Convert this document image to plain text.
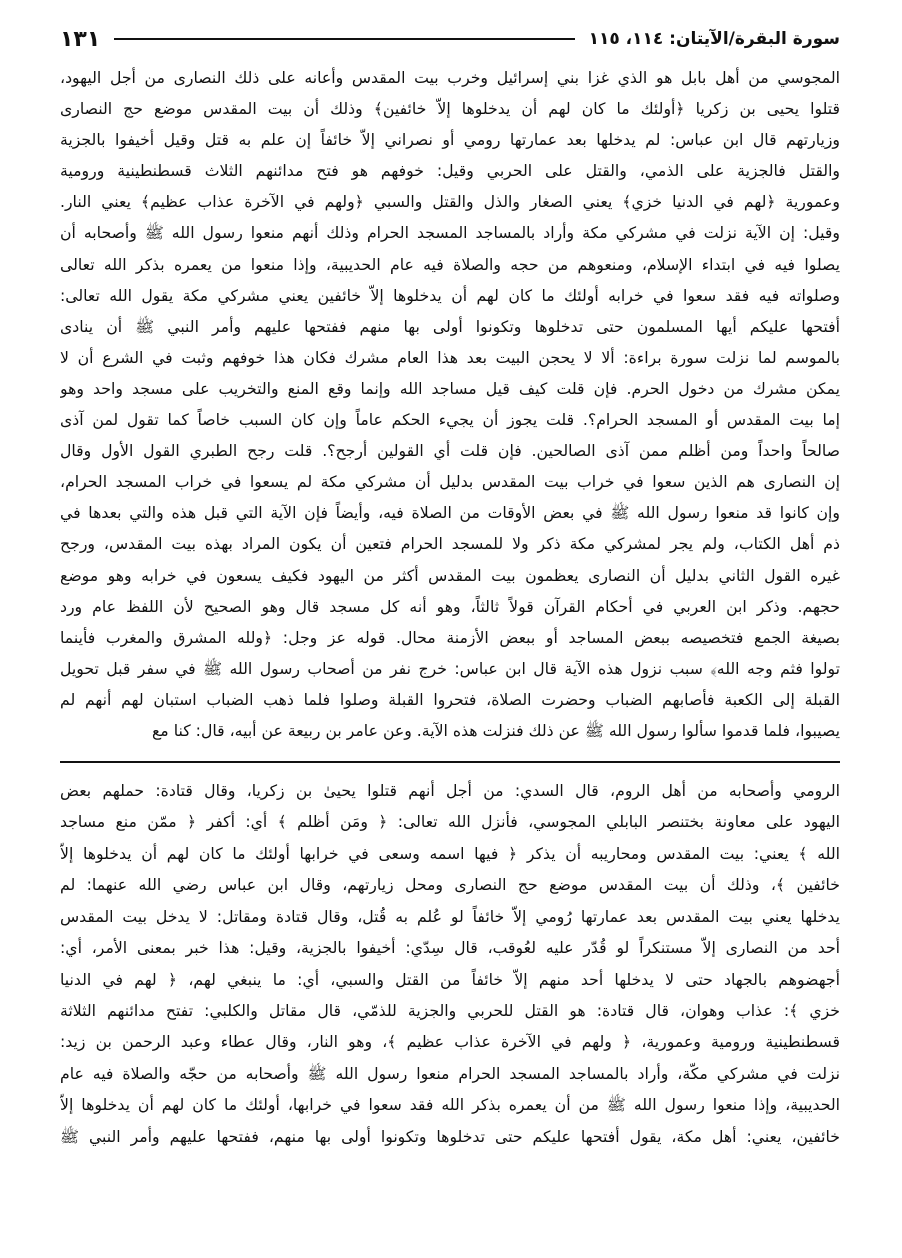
سورة البقرة/الآيتان: ١١٤، ١١٥
١٣١

المجوسي من أهل بابل هو الذي غزا بني إسرائيل وخرب بيت المقدس وأعانه على ذلك النصارى من أجل اليهود،

قتلوا يحيى بن زكريا ﴿أولئك ما كان لهم أن يدخلوها إلاّ خائفين﴾ وذلك أن بيت المقدس موضع حج النصارى

وزيارتهم قال ابن عباس: لم يدخلها بعد عمارتها رومي أو نصراني إلاّ خائفاً إن علم به قتل وقيل أخيفوا بالجزية

والقتل فالجزية على الذمي، والقتل على الحربي وقيل: خوفهم هو فتح مدائنهم الثلاث قسطنطينية ورومية

وعمورية ﴿لهم في الدنيا خزي﴾ يعني الصغار والذل والقتل والسبي ﴿ولهم في الآخرة عذاب عظيم﴾ يعني النار.

وقيل: إن الآية نزلت في مشركي مكة وأراد بالمساجد المسجد الحرام وذلك أنهم منعوا رسول الله ﷺ وأصحابه أن

يصلوا فيه في ابتداء الإسلام، ومنعوهم من حجه والصلاة فيه عام الحديبية، وإذا منعوا من يعمره بذكر الله تعالى

وصلواته فيه فقد سعوا في خرابه أولئك ما كان لهم أن يدخلوها إلاّ خائفين يعني مشركي مكة يقول الله تعالى:

أفتحها عليكم أيها المسلمون حتى تدخلوها وتكونوا أولى بها منهم ففتحها عليهم وأمر النبي ﷺ أن ينادى

بالموسم لما نزلت سورة براءة: ألا لا يحجن البيت بعد هذا العام مشرك فكان هذا خوفهم وثبت في الشرع أن لا

يمكن مشرك من دخول الحرم. فإن قلت كيف قيل مساجد الله وإنما وقع المنع والتخريب على مسجد واحد وهو

إما بيت المقدس أو المسجد الحرام؟. قلت يجوز أن يجيء الحكم عاماً وإن كان السبب خاصاً كما تقول لمن آذى

صالحاً واحداً ومن أظلم ممن آذى الصالحين. فإن قلت أي القولين أرجح؟. قلت رجح الطبري القول الأول وقال

إن النصارى هم الذين سعوا في خراب بيت المقدس بدليل أن مشركي مكة لم يسعوا في خراب المسجد الحرام،

وإن كانوا قد منعوا رسول الله ﷺ في بعض الأوقات من الصلاة فيه، وأيضاً فإن الآية التي قبل هذه والتي بعدها في

ذم أهل الكتاب، ولم يجر لمشركي مكة ذكر ولا للمسجد الحرام فتعين أن يكون المراد بهذه بيت المقدس، ورجح

غيره القول الثاني بدليل أن النصارى يعظمون بيت المقدس أكثر من اليهود فكيف يسعون في خرابه وهو موضع

حجهم. وذكر ابن العربي في أحكام القرآن قولاً ثالثاً، وهو أنه كل مسجد قال وهو الصحيح لأن اللفظ عام ورد

بصيغة الجمع فتخصيصه ببعض المساجد أو ببعض الأزمنة محال. قوله عز وجل: ﴿ولله المشرق والمغرب فأينما

تولوا فثم وجه الله﴾ سبب نزول هذه الآية قال ابن عباس: خرج نفر من أصحاب رسول الله ﷺ في سفر قبل تحويل

القبلة إلى الكعبة فأصابهم الضباب وحضرت الصلاة، فتحروا القبلة وصلوا فلما ذهب الضباب استبان لهم أنهم لم

يصيبوا، فلما قدموا سألوا رسول الله ﷺ عن ذلك فنزلت هذه الآية. وعن عامر بن ربيعة عن أبيه، قال: كنا مع

الرومي وأصحابه من أهل الروم، قال السدي: من أجل أنهم قتلوا يحيىٰ بن زكريا، وقال قتادة: حملهم بعض

اليهود على معاونة بختنصر البابلي المجوسي، فأنزل الله تعالى: ﴿ ومَن أظلم ﴾ أي: أكفر ﴿ ممّن منع مساجد

الله ﴾ يعني: بيت المقدس ومحاريبه أن يذكر ﴿ فيها اسمه وسعى في خرابها أولئك ما كان لهم أن يدخلوها إلاّ

خائفين ﴾، وذلك أن بيت المقدس موضع حج النصارى ومحل زيارتهم، وقال ابن عباس رضي الله عنهما: لم

يدخلها يعني بيت المقدس بعد عمارتها رُومي إلاّ خائفاً لو عُلم به قُتل، وقال قتادة ومقاتل: لا يدخل بيت المقدس

أحد من النصارى إلاّ مستنكراً لو قُدّر عليه لعُوقب، قال سِدّي: أخيفوا بالجزية، وقيل: هذا خبر بمعنى الأمر، أي:

أجهضوهم بالجهاد حتى لا يدخلها أحد منهم إلاّ خائفاً من القتل والسبي، أي: ما ينبغي لهم، ﴿ لهم في الدنيا

خزي ﴾: عذاب وهوان، قال قتادة: هو القتل للحربي والجزية للذمّي، قال مقاتل والكلبي: تفتح مدائنهم الثلاثة

قسطنطينية ورومية وعمورية، ﴿ ولهم في الآخرة عذاب عظيم ﴾، وهو النار، وقال عطاء وعبد الرحمن بن زيد:

نزلت في مشركي مكّة، وأراد بالمساجد المسجد الحرام منعوا رسول الله ﷺ وأصحابه من حجّه والصلاة فيه عام

الحديبية، وإذا منعوا رسول الله ﷺ من أن يعمره بذكر الله فقد سعوا في خرابها، أولئك ما كان لهم أن يدخلوها إلاّ

خائفين، يعني: أهل مكة، يقول أفتحها عليكم حتى تدخلوها وتكونوا أولى بها منهم، ففتحها عليهم وأمر النبي ﷺ
